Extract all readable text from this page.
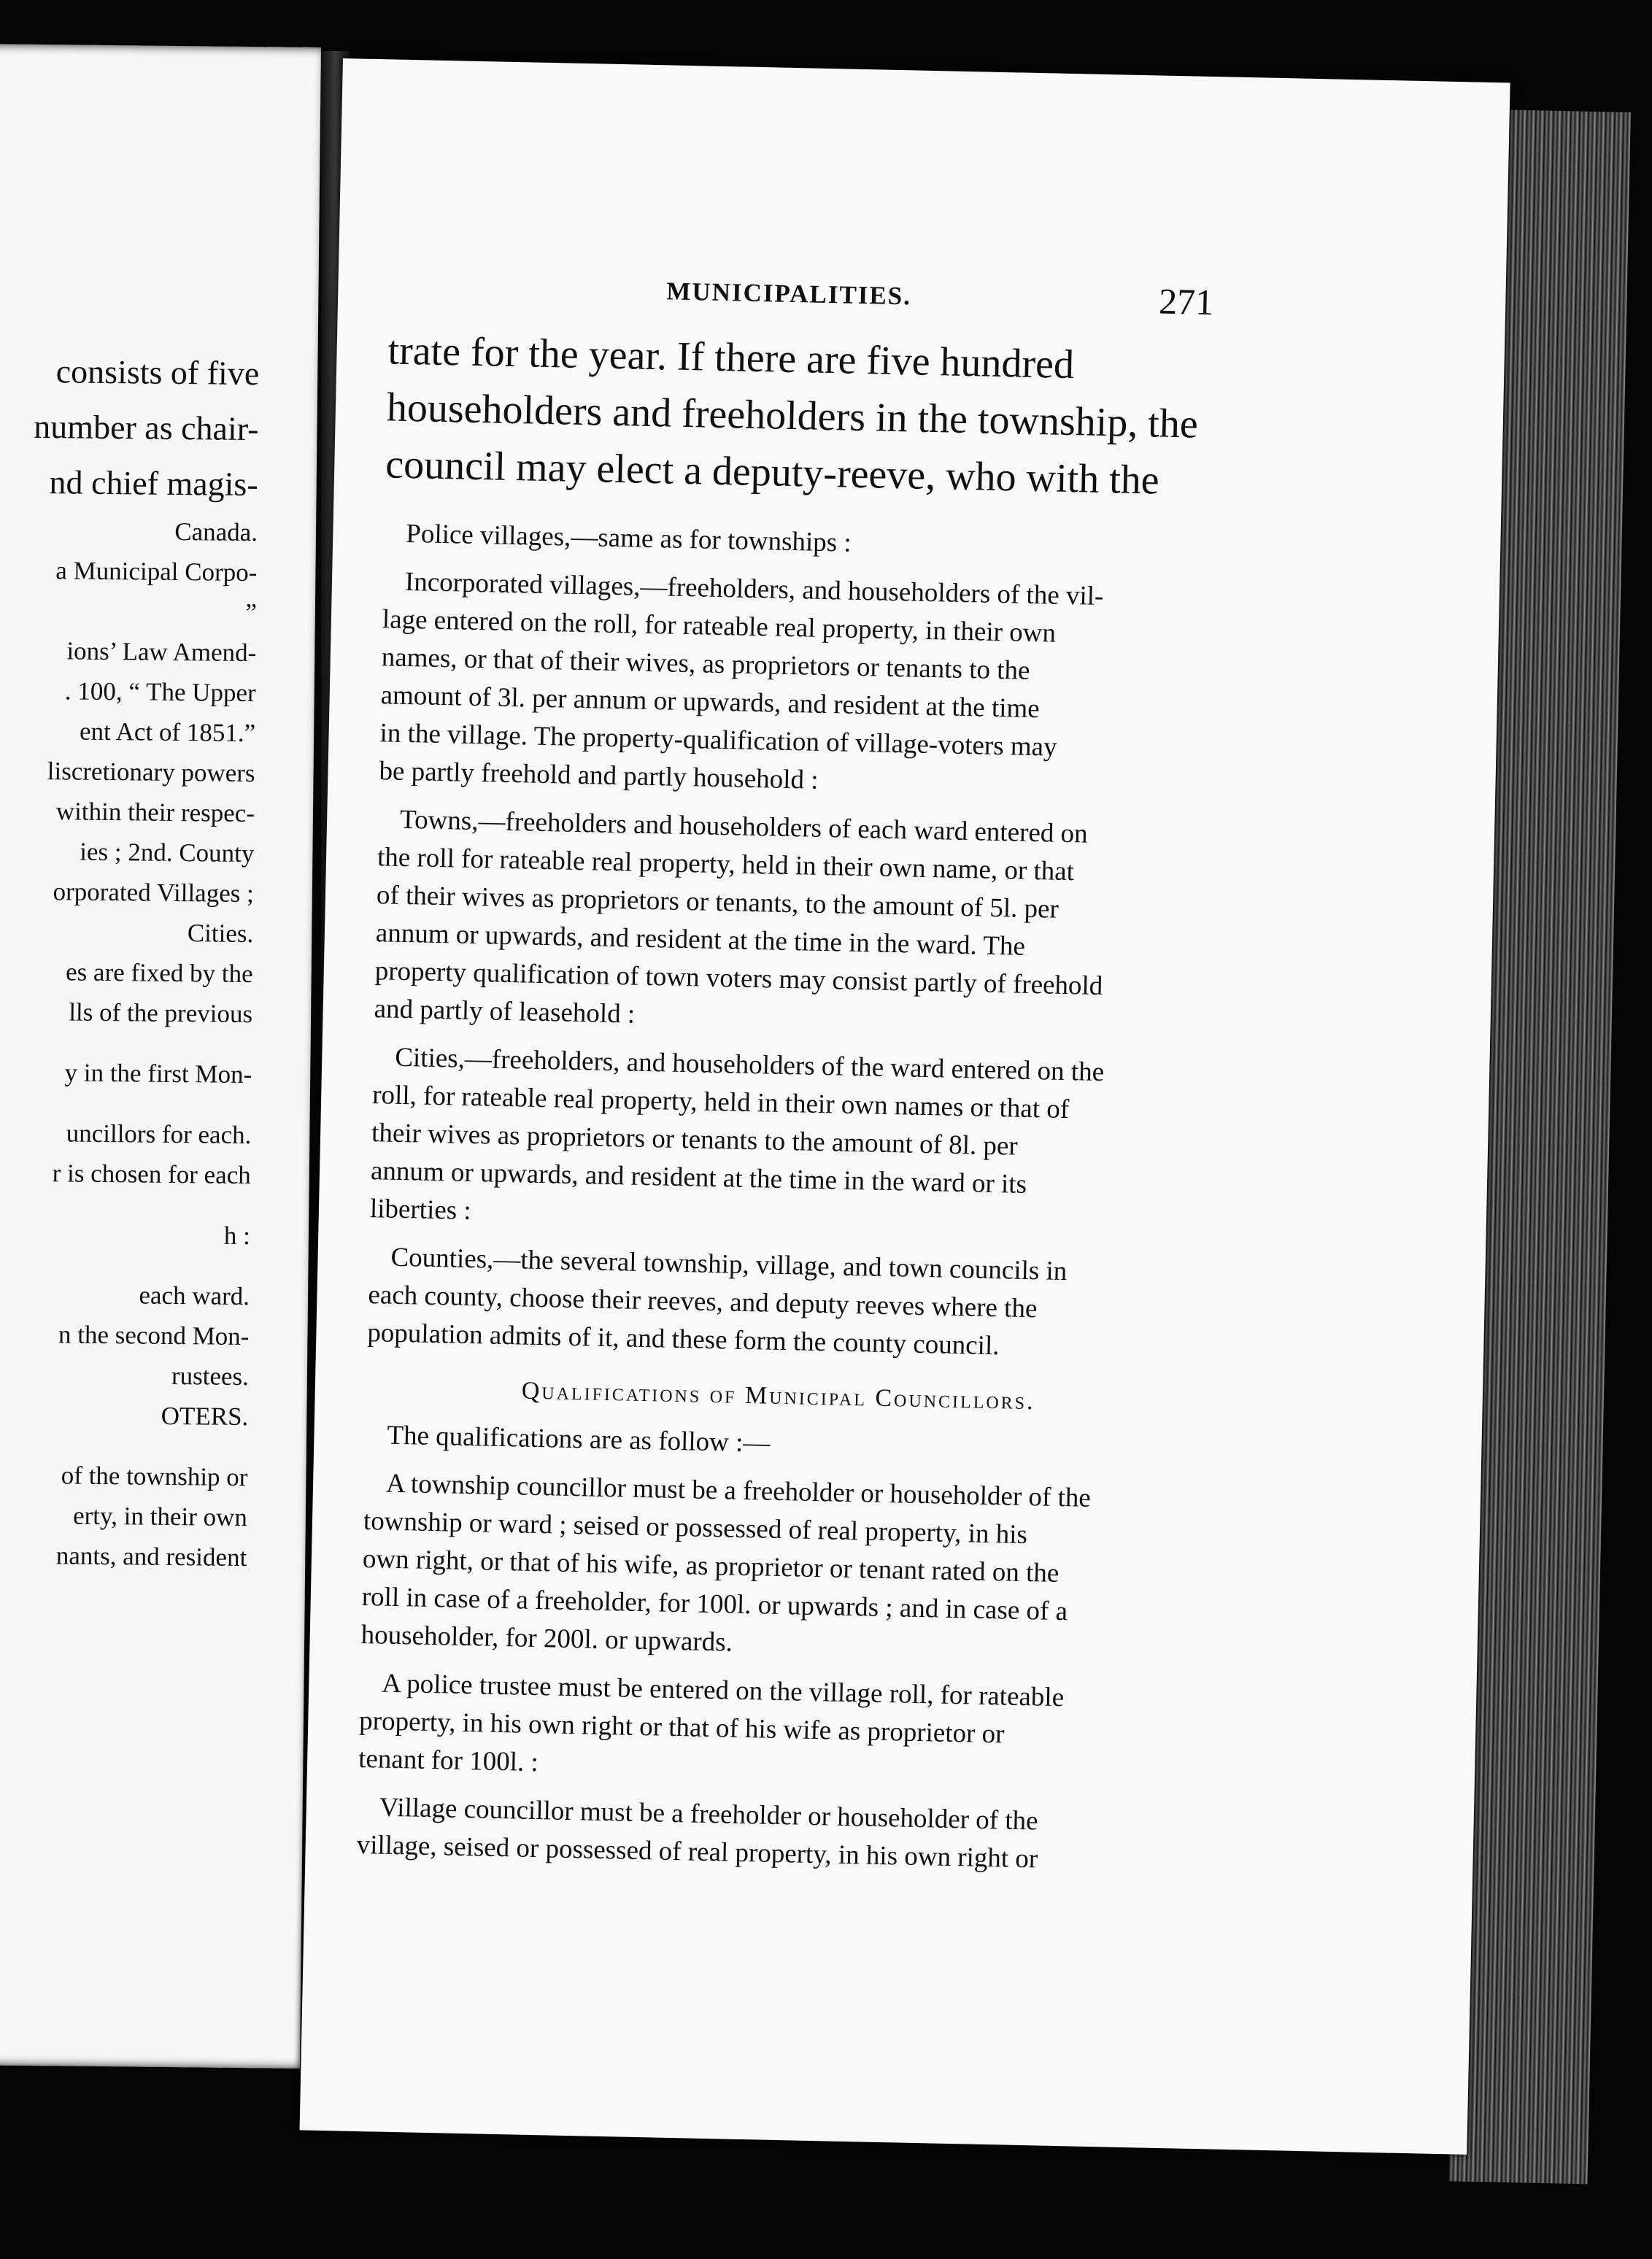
consists of five
number as chair-
nd chief magis-
Canada.
a Municipal Corpo-
”
ions’ Law Amend-
. 100, “ The Upper
ent Act of 1851.”
liscretionary powers
within their respec-
ies ; 2nd. County
orporated Villages ;
Cities.
es are fixed by the
lls of the previous
y in the first Mon-
uncillors for each.
r is chosen for each
h :
each ward.
n the second Mon-
rustees.
OTERS.
of the township or
erty, in their own
nants, and resident
MUNICIPALITIES.	271
trate for the year. If there are five hundred
householders and freeholders in the township, the
council may elect a deputy-reeve, who with the
Police villages,—same as for townships :
Incorporated villages,—freeholders, and householders of the vil-
lage entered on the roll, for rateable real property, in their own
names, or that of their wives, as proprietors or tenants to the
amount of 3l. per annum or upwards, and resident at the time
in the village. The property-qualification of village-voters may
be partly freehold and partly household :
Towns,—freeholders and householders of each ward entered on
the roll for rateable real property, held in their own name, or that
of their wives as proprietors or tenants, to the amount of 5l. per
annum or upwards, and resident at the time in the ward. The
property qualification of town voters may consist partly of freehold
and partly of leasehold :
Cities,—freeholders, and householders of the ward entered on the
roll, for rateable real property, held in their own names or that of
their wives as proprietors or tenants to the amount of 8l. per
annum or upwards, and resident at the time in the ward or its
liberties :
Counties,—the several township, village, and town councils in
each county, choose their reeves, and deputy reeves where the
population admits of it, and these form the county council.
Qualifications of Municipal Councillors.
The qualifications are as follow :—
A township councillor must be a freeholder or householder of the
township or ward ; seised or possessed of real property, in his
own right, or that of his wife, as proprietor or tenant rated on the
roll in case of a freeholder, for 100l. or upwards ; and in case of a
householder, for 200l. or upwards.
A police trustee must be entered on the village roll, for rateable
property, in his own right or that of his wife as proprietor or
tenant for 100l. :
Village councillor must be a freeholder or householder of the
village, seised or possessed of real property, in his own right or
